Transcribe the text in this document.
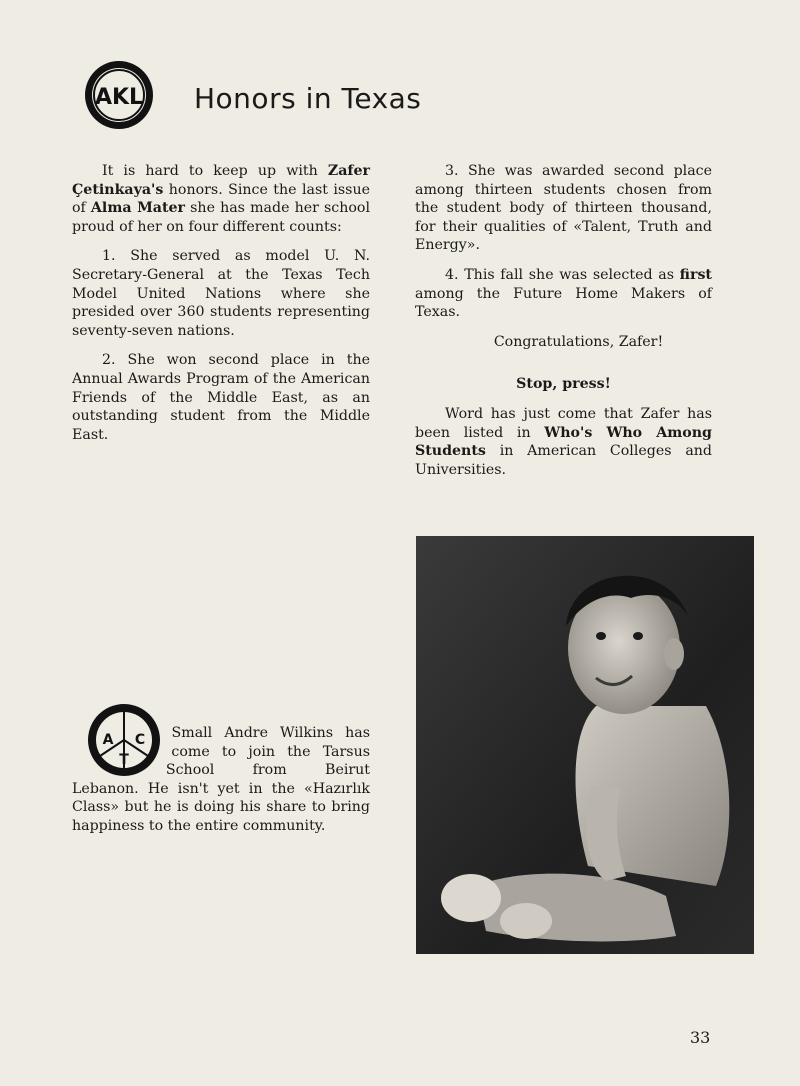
AKL Honors in Texas

It is hard to keep up with Zafer Çetinkaya's honors. Since the last issue of Alma Mater she has made her school proud of her on four different counts:

1. She served as model U. N. Secretary-General at the Texas Tech Model United Nations where she presided over 360 students representing seventy-seven nations.

2. She won second place in the Annual Awards Program of the American Friends of the Middle East, as an outstanding student from the Middle East.

3. She was awarded second place among thirteen students chosen from the student body of thirteen thousand, for their qualities of «Talent, Truth and Energy».

4. This fall she was selected as first among the Future Home Makers of Texas.

Congratulations, Zafer!

Stop, press!

Word has just come that Zafer has been listed in Who's Who Among Students in American Colleges and Universities.

A C
T

Small Andre Wilkins has come to join the Tarsus School from Beirut Lebanon. He isn't yet in the «Hazırlık Class» but he is doing his share to bring happiness to the entire community.

33
